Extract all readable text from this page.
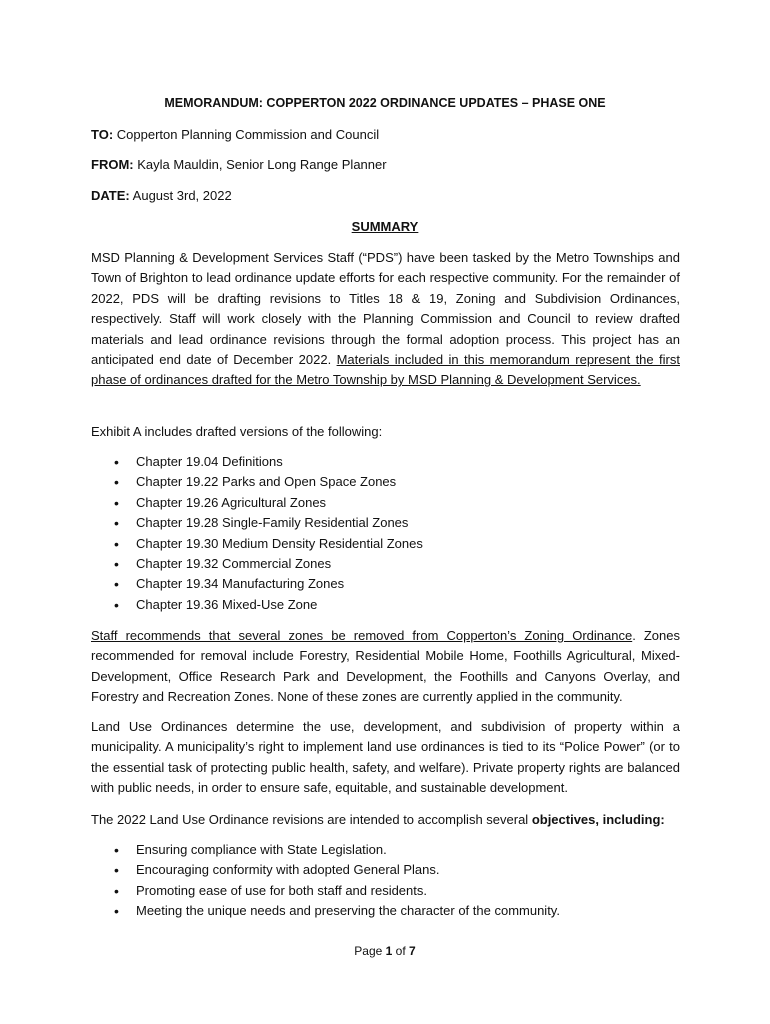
MEMORANDUM: COPPERTON 2022 ORDINANCE UPDATES – PHASE ONE
TO: Copperton Planning Commission and Council
FROM: Kayla Mauldin, Senior Long Range Planner
DATE: August 3rd, 2022
SUMMARY
MSD Planning & Development Services Staff (“PDS”) have been tasked by the Metro Townships and Town of Brighton to lead ordinance update efforts for each respective community. For the remainder of 2022, PDS will be drafting revisions to Titles 18 & 19, Zoning and Subdivision Ordinances, respectively. Staff will work closely with the Planning Commission and Council to review drafted materials and lead ordinance revisions through the formal adoption process. This project has an anticipated end date of December 2022. Materials included in this memorandum represent the first phase of ordinances drafted for the Metro Township by MSD Planning & Development Services.
Exhibit A includes drafted versions of the following:
• Chapter 19.04 Definitions
• Chapter 19.22 Parks and Open Space Zones
• Chapter 19.26 Agricultural Zones
• Chapter 19.28 Single-Family Residential Zones
• Chapter 19.30 Medium Density Residential Zones
• Chapter 19.32 Commercial Zones
• Chapter 19.34 Manufacturing Zones
• Chapter 19.36 Mixed-Use Zone
Staff recommends that several zones be removed from Copperton’s Zoning Ordinance. Zones recommended for removal include Forestry, Residential Mobile Home, Foothills Agricultural, Mixed-Development, Office Research Park and Development, the Foothills and Canyons Overlay, and Forestry and Recreation Zones. None of these zones are currently applied in the community.
Land Use Ordinances determine the use, development, and subdivision of property within a municipality. A municipality’s right to implement land use ordinances is tied to its “Police Power” (or to the essential task of protecting public health, safety, and welfare). Private property rights are balanced with public needs, in order to ensure safe, equitable, and sustainable development.
The 2022 Land Use Ordinance revisions are intended to accomplish several objectives, including:
• Ensuring compliance with State Legislation.
• Encouraging conformity with adopted General Plans.
• Promoting ease of use for both staff and residents.
• Meeting the unique needs and preserving the character of the community.
Page 1 of 7
